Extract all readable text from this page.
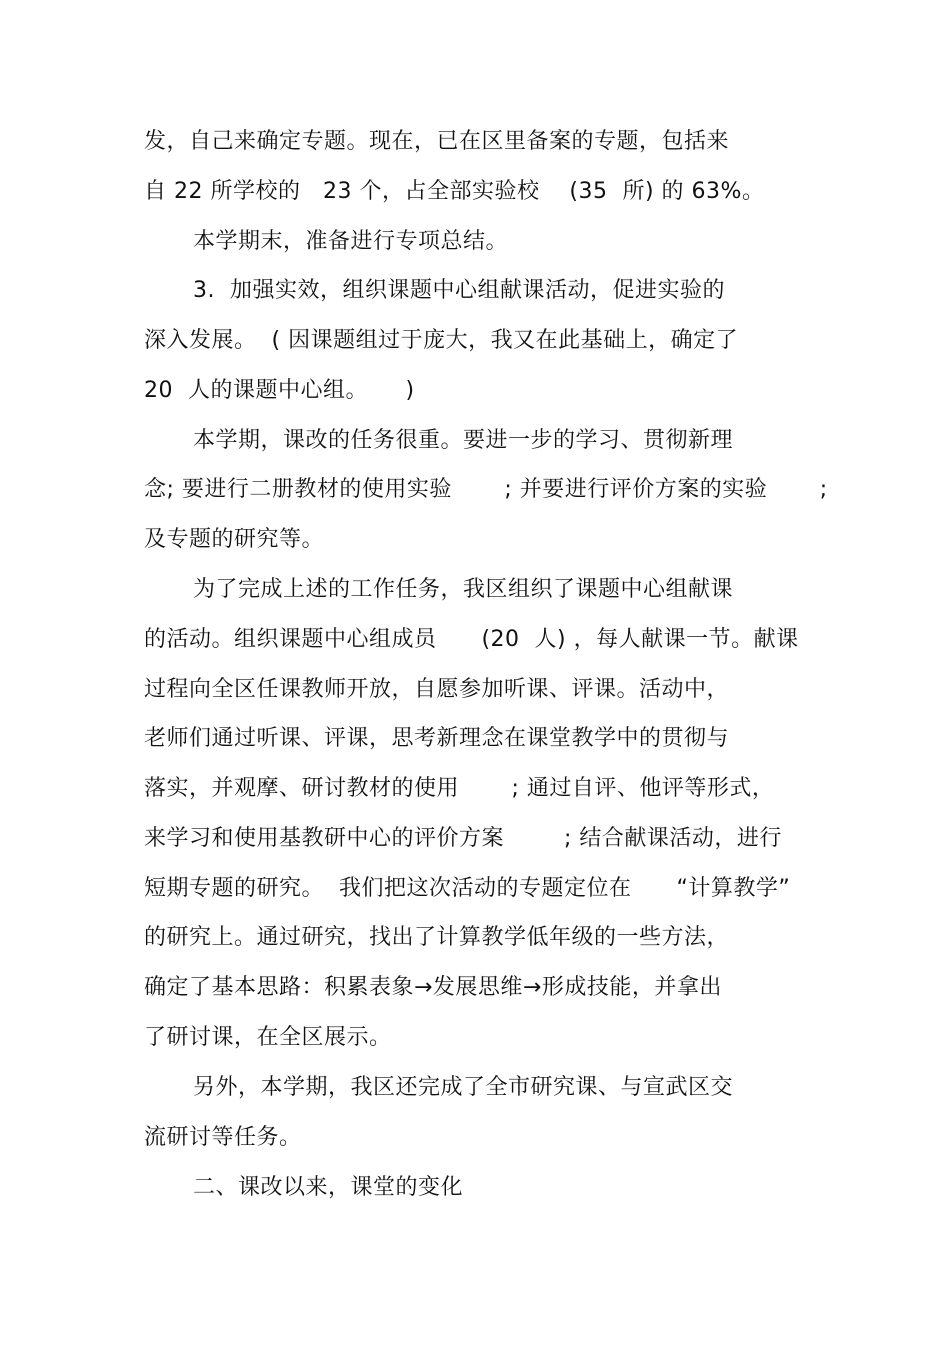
发，自己来确定专题。现在，已在区里备案的专题，包括来
自 22 所学校的   23 个，占全部实验校    (35  所) 的 63%。
本学期末，准备进行专项总结。
3.  加强实效，组织课题中心组献课活动，促进实验的
深入发展。  ( 因课题组过于庞大，我又在此基础上，确定了
20  人的课题中心组。     )
本学期，课改的任务很重。要进一步的学习、贯彻新理
念; 要进行二册教材的使用实验       ; 并要进行评价方案的实验       ;
及专题的研究等。
为了完成上述的工作任务，我区组织了课题中心组献课
的活动。组织课题中心组成员      (20  人) ，每人献课一节。献课
过程向全区任课教师开放，自愿参加听课、评课。活动中，
老师们通过听课、评课，思考新理念在课堂教学中的贯彻与
落实，并观摩、研讨教材的使用       ; 通过自评、他评等形式，
来学习和使用基教研中心的评价方案        ; 结合献课活动，进行
短期专题的研究。  我们把这次活动的专题定位在      “计算教学”
的研究上。通过研究，找出了计算教学低年级的一些方法，
确定了基本思路：积累表象→发展思维→形成技能，并拿出
了研讨课，在全区展示。
另外，本学期，我区还完成了全市研究课、与宣武区交
流研讨等任务。
二、课改以来，课堂的变化
